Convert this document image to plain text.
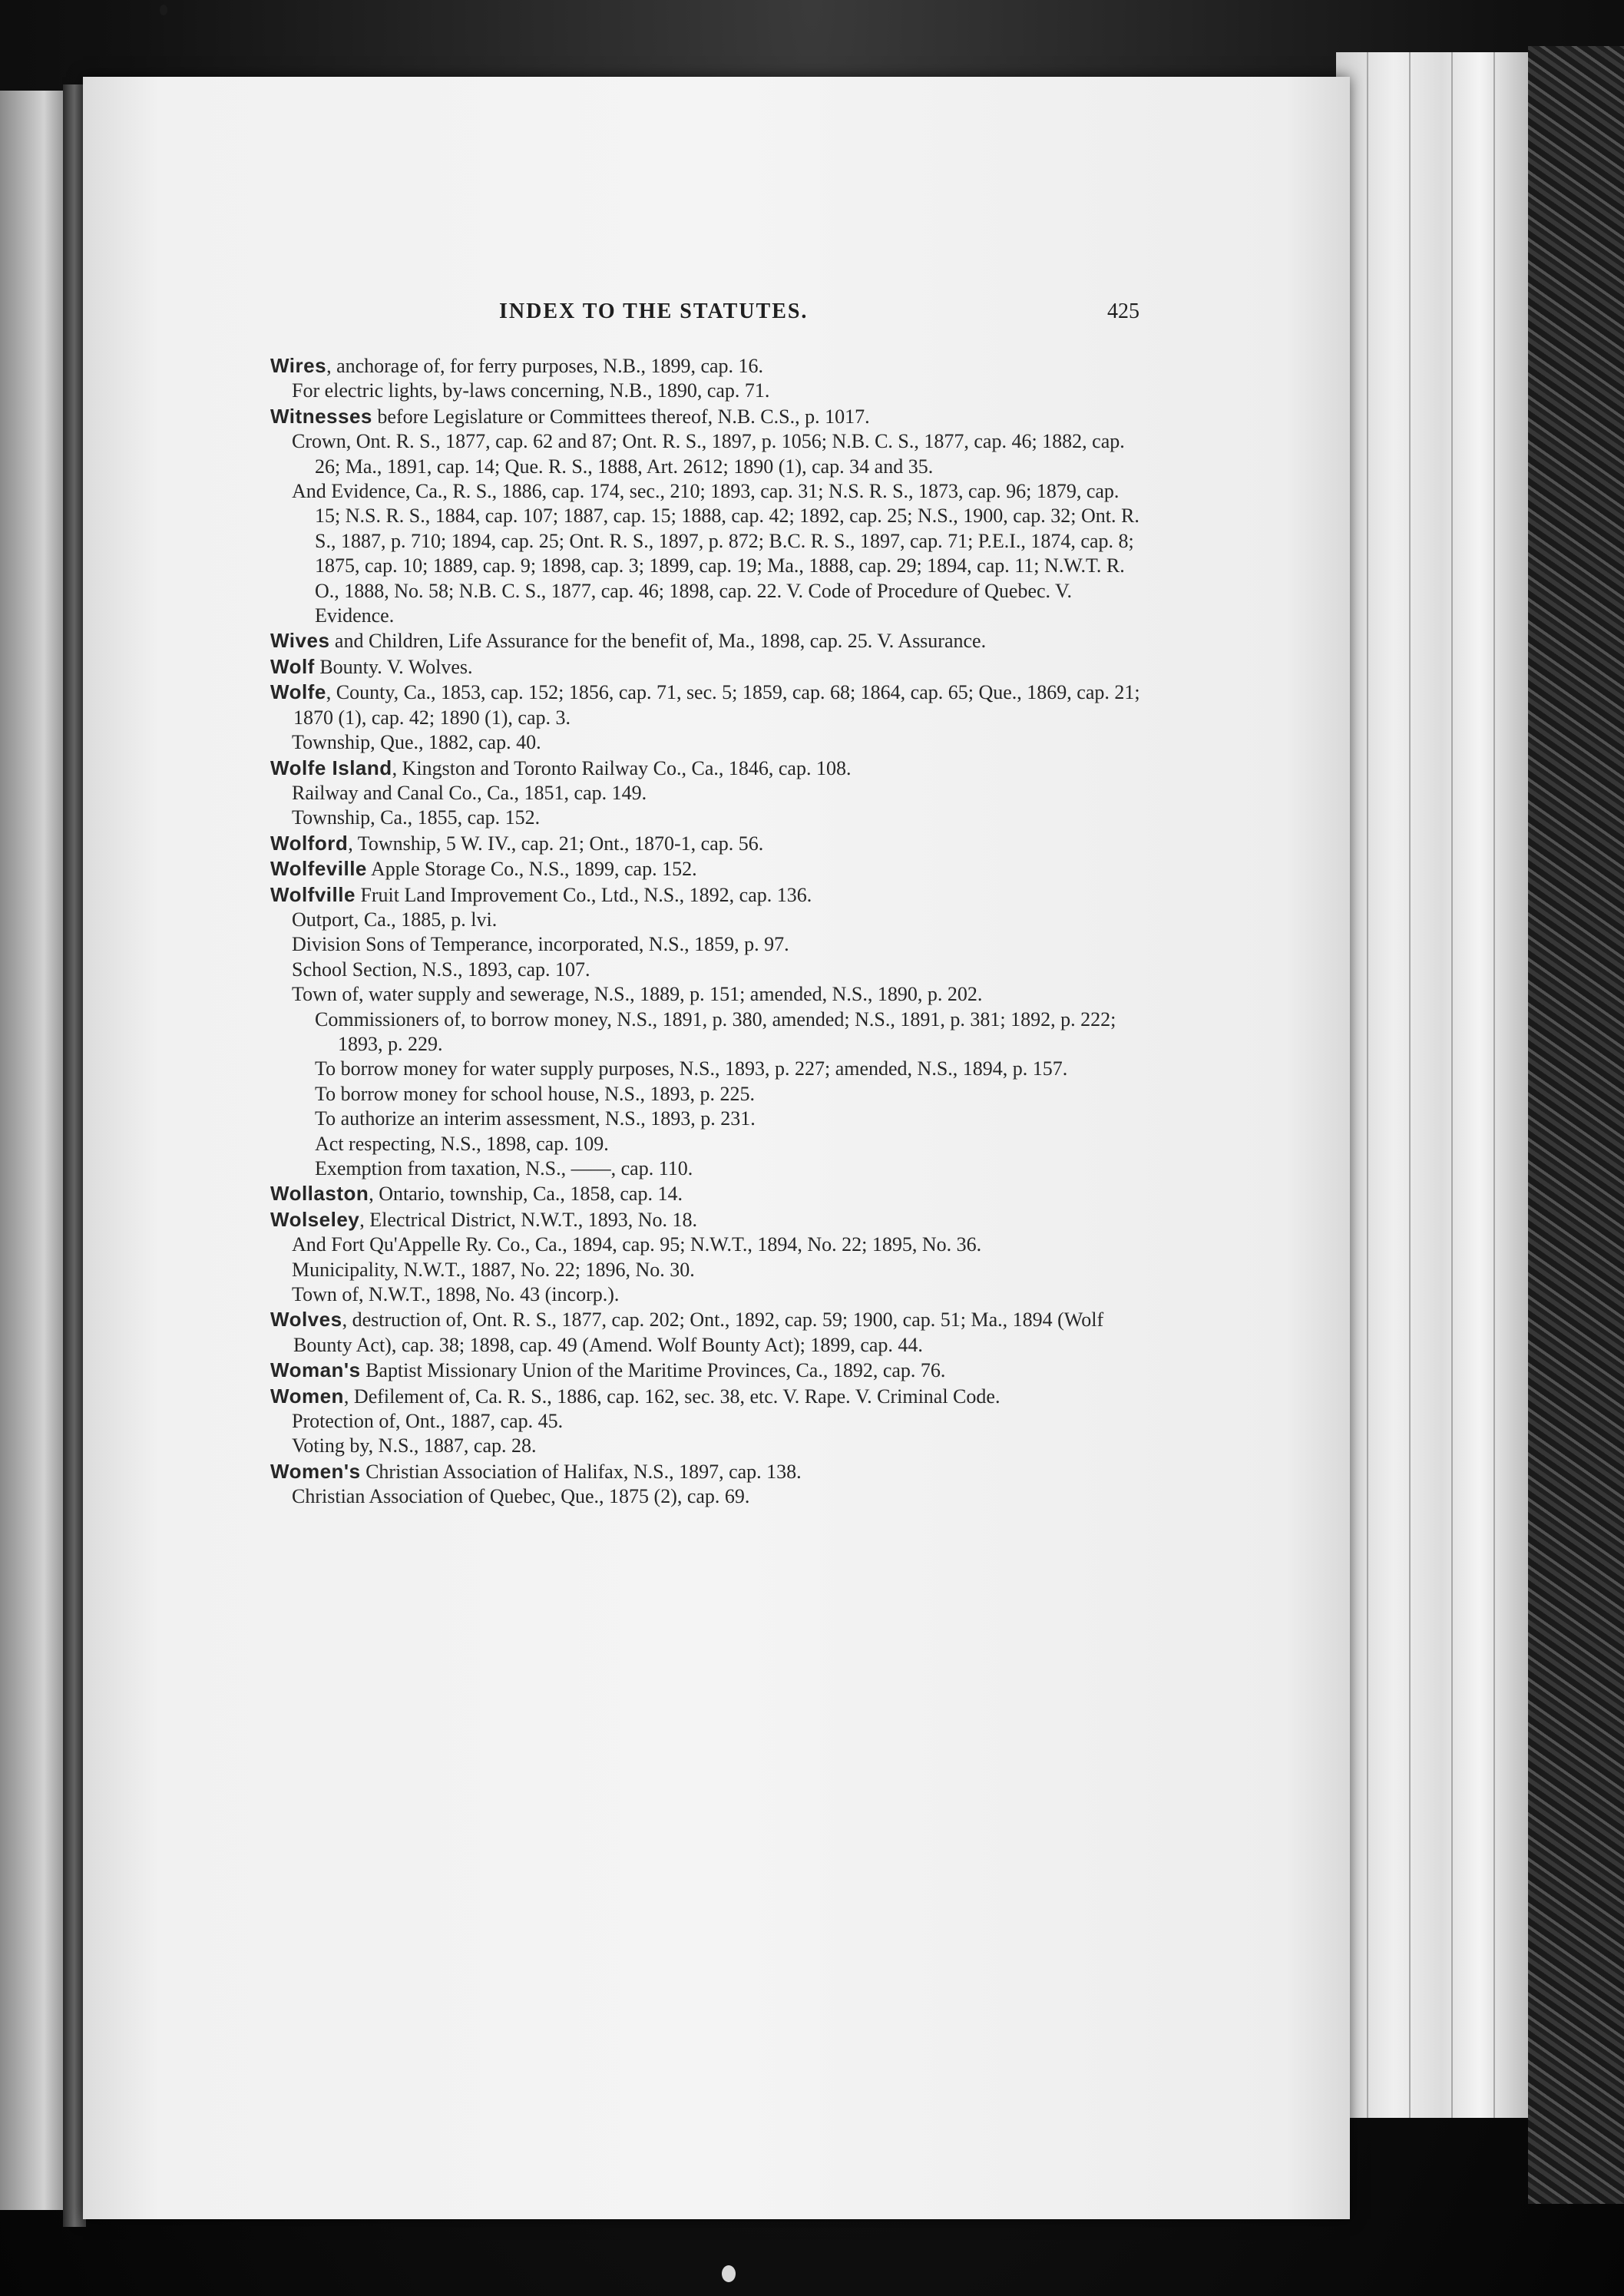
INDEX TO THE STATUTES.	425
Wires, anchorage of, for ferry purposes, N.B., 1899, cap. 16.
For electric lights, by-laws concerning, N.B., 1890, cap. 71.
Witnesses before Legislature or Committees thereof, N.B. C.S., p. 1017.
Crown, Ont. R. S., 1877, cap. 62 and 87; Ont. R. S., 1897, p. 1056; N.B. C. S., 1877, cap. 46; 1882, cap. 26; Ma., 1891, cap. 14; Que. R. S., 1888, Art. 2612; 1890 (1), cap. 34 and 35.
And Evidence, Ca., R. S., 1886, cap. 174, sec., 210; 1893, cap. 31; N.S. R. S., 1873, cap. 96; 1879, cap. 15; N.S. R. S., 1884, cap. 107; 1887, cap. 15; 1888, cap. 42; 1892, cap. 25; N.S., 1900, cap. 32; Ont. R. S., 1887, p. 710; 1894, cap. 25; Ont. R. S., 1897, p. 872; B.C. R. S., 1897, cap. 71; P.E.I., 1874, cap. 8; 1875, cap. 10; 1889, cap. 9; 1898, cap. 3; 1899, cap. 19; Ma., 1888, cap. 29; 1894, cap. 11; N.W.T. R. O., 1888, No. 58; N.B. C. S., 1877, cap. 46; 1898, cap. 22. V. Code of Procedure of Quebec. V. Evidence.
Wives and Children, Life Assurance for the benefit of, Ma., 1898, cap. 25. V. Assurance.
Wolf Bounty. V. Wolves.
Wolfe, County, Ca., 1853, cap. 152; 1856, cap. 71, sec. 5; 1859, cap. 68; 1864, cap. 65; Que., 1869, cap. 21; 1870 (1), cap. 42; 1890 (1), cap. 3.
Township, Que., 1882, cap. 40.
Wolfe Island, Kingston and Toronto Railway Co., Ca., 1846, cap. 108.
Railway and Canal Co., Ca., 1851, cap. 149.
Township, Ca., 1855, cap. 152.
Wolford, Township, 5 W. IV., cap. 21; Ont., 1870-1, cap. 56.
Wolfeville Apple Storage Co., N.S., 1899, cap. 152.
Wolfville Fruit Land Improvement Co., Ltd., N.S., 1892, cap. 136.
Outport, Ca., 1885, p. lvi.
Division Sons of Temperance, incorporated, N.S., 1859, p. 97.
School Section, N.S., 1893, cap. 107.
Town of, water supply and sewerage, N.S., 1889, p. 151; amended, N.S., 1890, p. 202.
Commissioners of, to borrow money, N.S., 1891, p. 380, amended; N.S., 1891, p. 381; 1892, p. 222; 1893, p. 229.
To borrow money for water supply purposes, N.S., 1893, p. 227; amended, N.S., 1894, p. 157.
To borrow money for school house, N.S., 1893, p. 225.
To authorize an interim assessment, N.S., 1893, p. 231.
Act respecting, N.S., 1898, cap. 109.
Exemption from taxation, N.S., ——, cap. 110.
Wollaston, Ontario, township, Ca., 1858, cap. 14.
Wolseley, Electrical District, N.W.T., 1893, No. 18.
And Fort Qu'Appelle Ry. Co., Ca., 1894, cap. 95; N.W.T., 1894, No. 22; 1895, No. 36.
Municipality, N.W.T., 1887, No. 22; 1896, No. 30.
Town of, N.W.T., 1898, No. 43 (incorp.).
Wolves, destruction of, Ont. R. S., 1877, cap. 202; Ont., 1892, cap. 59; 1900, cap. 51; Ma., 1894 (Wolf Bounty Act), cap. 38; 1898, cap. 49 (Amend. Wolf Bounty Act); 1899, cap. 44.
Woman's Baptist Missionary Union of the Maritime Provinces, Ca., 1892, cap. 76.
Women, Defilement of, Ca. R. S., 1886, cap. 162, sec. 38, etc. V. Rape. V. Criminal Code.
Protection of, Ont., 1887, cap. 45.
Voting by, N.S., 1887, cap. 28.
Women's Christian Association of Halifax, N.S., 1897, cap. 138.
Christian Association of Quebec, Que., 1875 (2), cap. 69.
